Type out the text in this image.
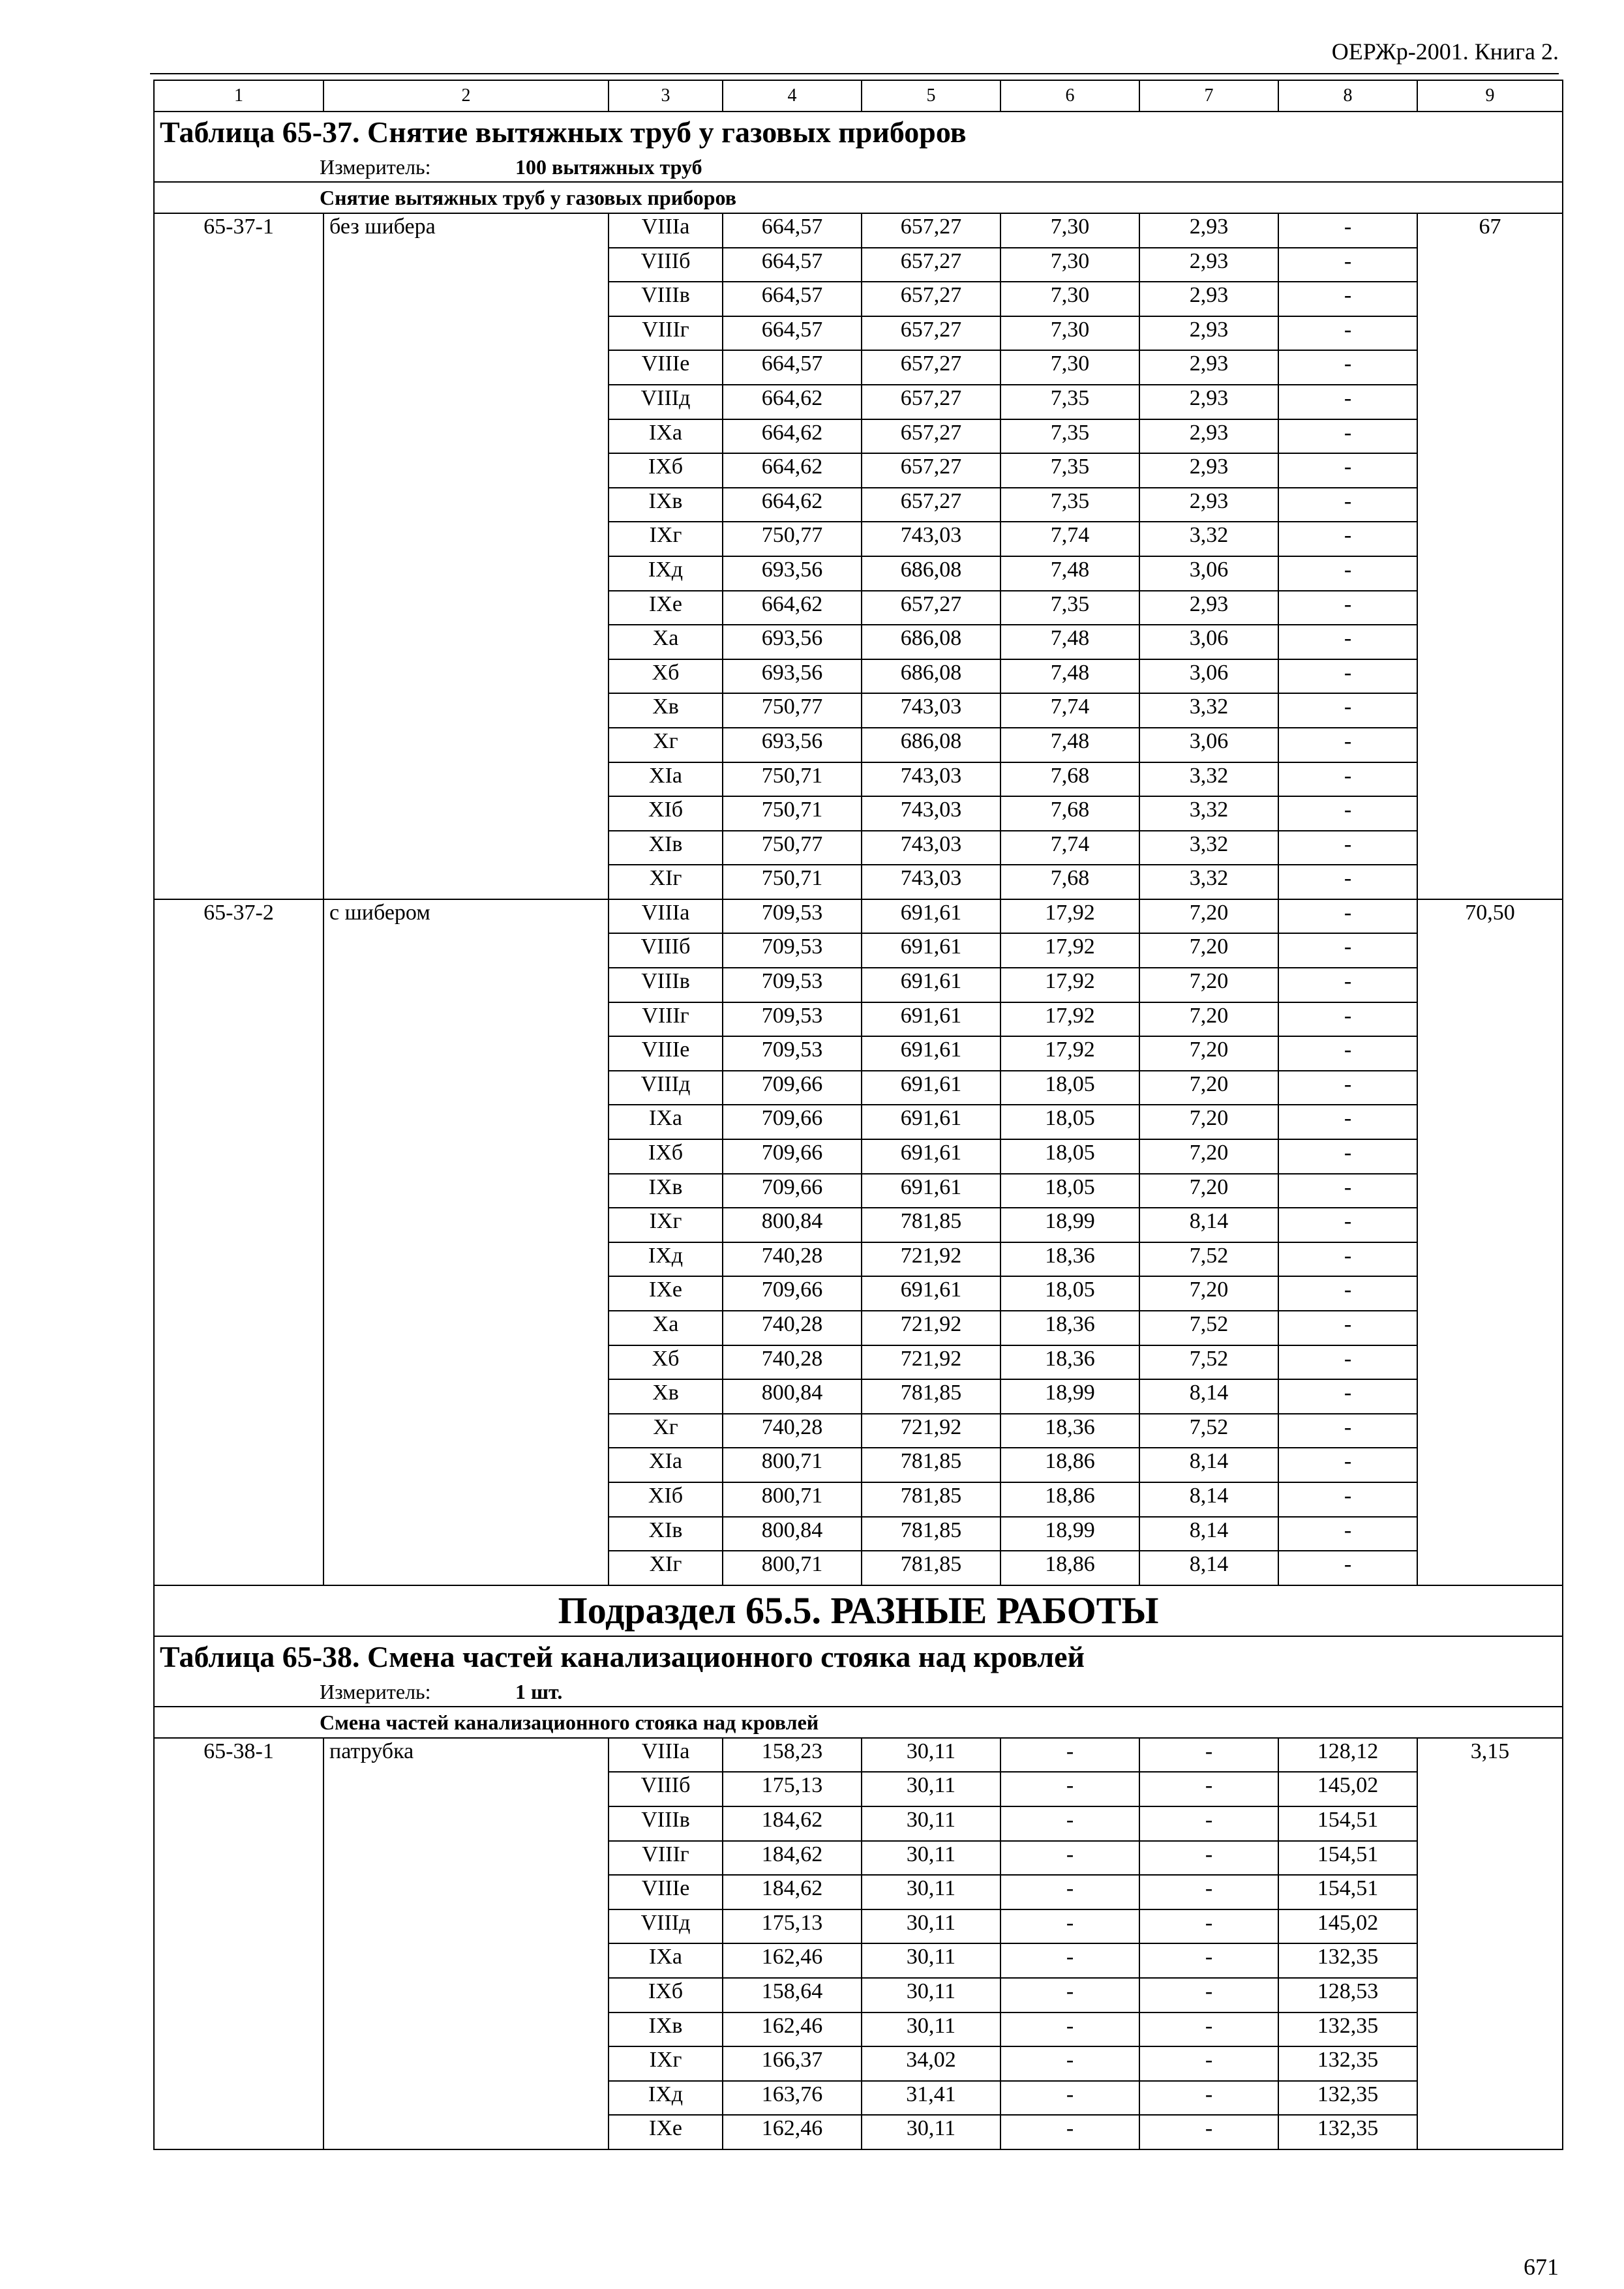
ОЕРЖр-2001. Книга 2.
1	2	3	4	5	6	7	8	9
Таблица 65-37. Снятие вытяжных труб у газовых приборов								
Измеритель: 100 вытяжных труб								
Снятие вытяжных труб у газовых приборов								
65-37-1	без шибера	VIIIа	664,57	657,27	7,30	2,93	-	67
		VIIIб	664,57	657,27	7,30	2,93	-	
		VIIIв	664,57	657,27	7,30	2,93	-	
		VIIIг	664,57	657,27	7,30	2,93	-	
		VIIIе	664,57	657,27	7,30	2,93	-	
		VIIIд	664,62	657,27	7,35	2,93	-	
		IXа	664,62	657,27	7,35	2,93	-	
		IXб	664,62	657,27	7,35	2,93	-	
		IXв	664,62	657,27	7,35	2,93	-	
		IXг	750,77	743,03	7,74	3,32	-	
		IXд	693,56	686,08	7,48	3,06	-	
		IXе	664,62	657,27	7,35	2,93	-	
		Xа	693,56	686,08	7,48	3,06	-	
		Xб	693,56	686,08	7,48	3,06	-	
		Xв	750,77	743,03	7,74	3,32	-	
		Xг	693,56	686,08	7,48	3,06	-	
		XIа	750,71	743,03	7,68	3,32	-	
		XIб	750,71	743,03	7,68	3,32	-	
		XIв	750,77	743,03	7,74	3,32	-	
		XIг	750,71	743,03	7,68	3,32	-	
65-37-2	с шибером	VIIIа	709,53	691,61	17,92	7,20	-	70,50
		VIIIб	709,53	691,61	17,92	7,20	-	
		VIIIв	709,53	691,61	17,92	7,20	-	
		VIIIг	709,53	691,61	17,92	7,20	-	
		VIIIе	709,53	691,61	17,92	7,20	-	
		VIIIд	709,66	691,61	18,05	7,20	-	
		IXа	709,66	691,61	18,05	7,20	-	
		IXб	709,66	691,61	18,05	7,20	-	
		IXв	709,66	691,61	18,05	7,20	-	
		IXг	800,84	781,85	18,99	8,14	-	
		IXд	740,28	721,92	18,36	7,52	-	
		IXе	709,66	691,61	18,05	7,20	-	
		Xа	740,28	721,92	18,36	7,52	-	
		Xб	740,28	721,92	18,36	7,52	-	
		Xв	800,84	781,85	18,99	8,14	-	
		Xг	740,28	721,92	18,36	7,52	-	
		XIа	800,71	781,85	18,86	8,14	-	
		XIб	800,71	781,85	18,86	8,14	-	
		XIв	800,84	781,85	18,99	8,14	-	
		XIг	800,71	781,85	18,86	8,14	-	
Подраздел 65.5. РАЗНЫЕ РАБОТЫ								
Таблица 65-38. Смена частей канализационного стояка над кровлей								
Измеритель: 1 шт.								
Смена частей канализационного стояка над кровлей								
65-38-1	патрубка	VIIIа	158,23	30,11	-	-	128,12	3,15
		VIIIб	175,13	30,11	-	-	145,02	
		VIIIв	184,62	30,11	-	-	154,51	
		VIIIг	184,62	30,11	-	-	154,51	
		VIIIе	184,62	30,11	-	-	154,51	
		VIIIд	175,13	30,11	-	-	145,02	
		IXа	162,46	30,11	-	-	132,35	
		IXб	158,64	30,11	-	-	128,53	
		IXв	162,46	30,11	-	-	132,35	
		IXг	166,37	34,02	-	-	132,35	
		IXд	163,76	31,41	-	-	132,35	
		IXе	162,46	30,11	-	-	132,35	
671
